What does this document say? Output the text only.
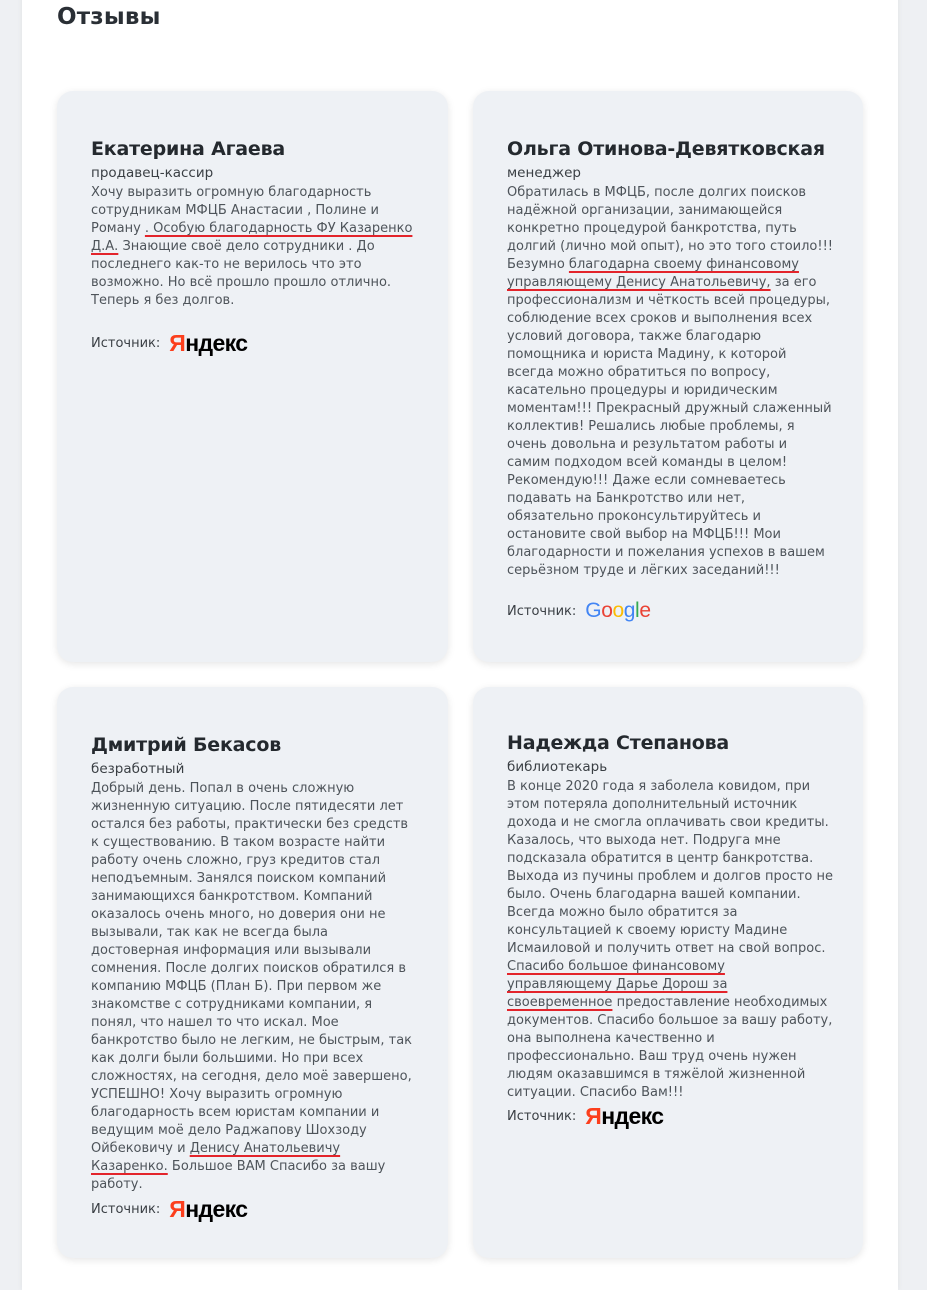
Отзывы
Екатерина Агаева
продавец-кассир
Хочу выразить огромную благодарность сотрудникам МФЦБ Анастасии , Полине и Роману . Особую благодарность ФУ Казаренко Д.А. Знающие своё дело сотрудники . До последнего как-то не верилось что это возможно. Но всё прошло прошло отлично. Теперь я без долгов.
Источник: Яндекс
Ольга Отинова-Девятковская
менеджер
Обратилась в МФЦБ, после долгих поисков надёжной организации, занимающейся конкретно процедурой банкротства, путь долгий (лично мой опыт), но это того стоило!!! Безумно благодарна своему финансовому управляющему Денису Анатольевичу, за его профессионализм и чёткость всей процедуры, соблюдение всех сроков и выполнения всех условий договора, также благодарю помощника и юриста Мадину, к которой всегда можно обратиться по вопросу, касательно процедуры и юридическим моментам!!! Прекрасный дружный слаженный коллектив! Решались любые проблемы, я очень довольна и результатом работы и самим подходом всей команды в целом! Рекомендую!!! Даже если сомневаетесь подавать на Банкротство или нет, обязательно проконсультируйтесь и остановите свой выбор на МФЦБ!!! Мои благодарности и пожелания успехов в вашем серьёзном труде и лёгких заседаний!!!
Источник: Google
Дмитрий Бекасов
безработный
Добрый день. Попал в очень сложную жизненную ситуацию. После пятидесяти лет остался без работы, практически без средств к существованию. В таком возрасте найти работу очень сложно, груз кредитов стал неподъемным. Занялся поиском компаний занимающихся банкротством. Компаний оказалось очень много, но доверия они не вызывали, так как не всегда была достоверная информация или вызывали сомнения. После долгих поисков обратился в компанию МФЦБ (План Б). При первом же знакомстве с сотрудниками компании, я понял, что нашел то что искал. Мое банкротство было не легким, не быстрым, так как долги были большими. Но при всех сложностях, на сегодня, дело моё завершено, УСПЕШНО! Хочу выразить огромную благодарность всем юристам компании и ведущим моё дело Раджапову Шохзоду Ойбековичу и Денису Анатольевичу Казаренко. Большое ВАМ Спасибо за вашу работу.
Источник: Яндекс
Надежда Степанова
библиотекарь
В конце 2020 года я заболела ковидом, при этом потеряла дополнительный источник дохода и не смогла оплачивать свои кредиты. Казалось, что выхода нет. Подруга мне подсказала обратится в центр банкротства. Выхода из пучины проблем и долгов просто не было. Очень благодарна вашей компании. Всегда можно было обратится за консультацией к своему юристу Мадине Исмаиловой и получить ответ на свой вопрос. Спасибо большое финансовому управляющему Дарье Дорош за своевременное предоставление необходимых документов. Спасибо большое за вашу работу, она выполнена качественно и профессионально. Ваш труд очень нужен людям оказавшимся в тяжёлой жизненной ситуации. Спасибо Вам!!!
Источник: Яндекс
